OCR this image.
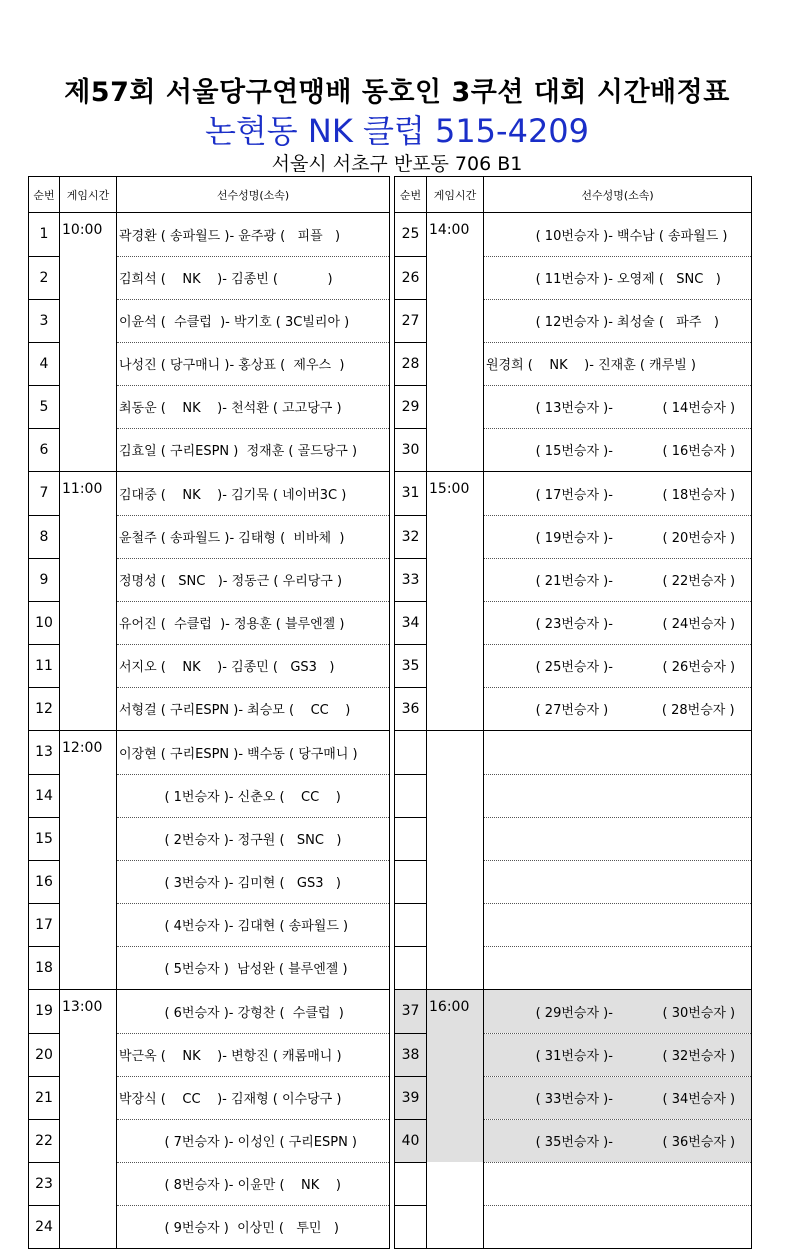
제57회 서울당구연맹배 동호인 3쿠션 대회 시간배정표
논현동 NK 클럽 515-4209
서울시 서초구 반포동 706 B1
순번	게임시간	선수성명(소속)
1	10:00	곽경환 ( 송파월드 )- 윤주광 (   피플   )

2		김희석 (    NK    )- 김종빈 (            )

3		이윤석 (  수클럽  )- 박기호 ( 3C빌리아 )

4		나성진 ( 당구매니 )- 홍상표 (  제우스  )

5		최동운 (    NK    )- 천석환 ( 고고당구 )

6		김효일 ( 구리ESPN )  정재훈 ( 골드당구 )

7	11:00	김대중 (    NK    )- 김기묵 ( 네이버3C )

8		윤철주 ( 송파월드 )- 김태형 (  비바체  )

9		정명성 (   SNC   )- 정동근 ( 우리당구 )

10		유어진 (  수클럽  )- 정용훈 ( 블루엔젤 )

11		서지오 (    NK    )- 김종민 (   GS3   )

12		서형걸 ( 구리ESPN )- 최승모 (    CC    )

13	12:00	이장현 ( 구리ESPN )- 백수동 ( 당구매니 )

14		( 1번승자 )- 신춘오 (    CC    )

15		( 2번승자 )- 정구원 (   SNC   )

16		( 3번승자 )- 김미현 (   GS3   )

17		( 4번승자 )- 김대현 ( 송파월드 )

18		( 5번승자 )  남성완 ( 블루엔젤 )

19	13:00	( 6번승자 )- 강형찬 (  수클럽  )

20		박근옥 (    NK    )- 변항진 ( 캐롬매니 )

21		박장식 (    CC    )- 김재형 ( 이수당구 )

22		( 7번승자 )- 이성인 ( 구리ESPN )

23		( 8번승자 )- 이윤만 (    NK    )

24		( 9번승자 )  이상민 (   투민   )
순번	게임시간	선수성명(소속)
25	14:00	( 10번승자 )- 백수남 ( 송파월드 )

26		( 11번승자 )- 오영제 (   SNC   )

27		( 12번승자 )- 최성술 (   파주   )

28		원경희 (    NK    )- 진재훈 ( 캐루빌 )

29		( 13번승자 )-            ( 14번승자 )

30		( 15번승자 )-            ( 16번승자 )

31	15:00	( 17번승자 )-            ( 18번승자 )

32		( 19번승자 )-            ( 20번승자 )

33		( 21번승자 )-            ( 22번승자 )

34		( 23번승자 )-            ( 24번승자 )

35		( 25번승자 )-            ( 26번승자 )

36		( 27번승자 )             ( 28번승자 )

37	16:00	( 29번승자 )-            ( 30번승자 )

38		( 31번승자 )-            ( 32번승자 )

39		( 33번승자 )-            ( 34번승자 )

40		( 35번승자 )-            ( 36번승자 )
